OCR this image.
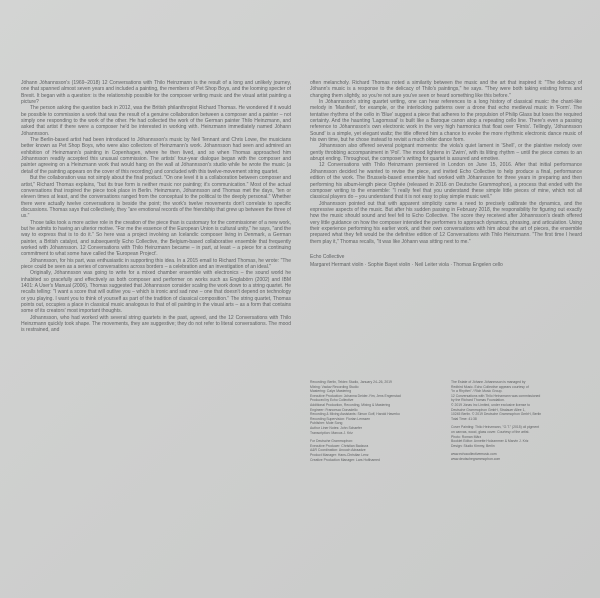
Jóhann Jóhannsson's (1969–2018) 12 Conversations with Thilo Heinzmann is the result of a long and unlikely journey, one that spanned almost seven years and included a painting, the members of Pet Shop Boys, and the looming specter of Brexit. It began with a question: is the relationship possible for the composer writing music and the visual artist painting a picture?

The person asking the question back in 2012, was the British philanthropist Richard Thomas. He wondered if it would be possible to commission a work that was the result of a genuine collaboration between a composer and a painter – not simply one responding to the work of the other. He had collected the work of the German painter Thilo Heinzmann, and asked that artist if there were a composer he'd be interested in working with. Heinzmann immediately named Jóhann Jóhannsson.

The Berlin-based artist had been introduced to Jóhannsson's music by Neil Tennant and Chris Lowe, the musicians better known as Pet Shop Boys, who were also collectors of Heinzmann's work. Jóhannsson had seen and admired an exhibition of Heinzmann's painting in Copenhagen, where he then lived, and so when Thomas approached him Jóhannsson readily accepted this unusual commission. The artists' four-year dialogue began with the composer and painter agreeing on a Heinzmann work that would hang on the wall at Jóhannsson's studio while he wrote the music (a detail of the painting appears on the cover of this recording) and concluded with this twelve-movement string quartet.

But the collaboration was not simply about the final product. "On one level it is a collaboration between composer and artist," Richard Thomas explains, "but its true form is neither music nor painting; it's communication." Most of the actual conversations that inspired the piece took place in Berlin. Heinzmann, Jóhannsson and Thomas met the days, "ten or eleven times at least, and the conversations ranged from the conceptual to the political to the deeply personal." Whether there were actually twelve conversations is beside the point; the work's twelve movements don't correlate to specific discussions. Thomas says that collectively, they "are emotional records of the friendship that grew up between the three of us."

Those talks took a more active role in the creation of the piece than is customary for the commissioner of a new work, but he admits to having an ulterior motive. "For me the essence of the European Union is cultural unity," he says, "and the way to express that is to do it." So here was a project involving an Icelandic composer living in Denmark, a German painter, a British catalyst, and subsequently Echo Collective, the Belgium-based collaborative ensemble that frequently worked with Jóhannsson. 12 Conversations with Thilo Heinzmann became – in part, at least – a piece for a continuing commitment to what some have called the 'European Project'.

Jóhannsson, for his part, was enthusiastic in supporting this idea. In a 2015 email to Richard Thomas, he wrote: "The piece could be seen as a series of conversations across borders – a celebration and an investigation of an ideal."

Originally, Jóhannsson was going to write for a mixed chamber ensemble with electronics – the sound world he inhabited so gracefully and effectively as both composer and performer on works such as Englabörn (2002) and IBM 1401: A User's Manual (2006). Thomas suggested that Jóhannsson consider scaling the work down to a string quartet. He recalls telling: "I want a score that will outlive you – which is ironic and sad now – one that doesn't depend on technology or you playing. I want you to think of yourself as part of the tradition of classical composition." The string quartet, Thomas points out, occupies a place in classical music analogous to that of oil painting in the visual arts – as a form that contains some of its creators' most important thoughts.

Jóhannsson, who had worked with several string quartets in the past, agreed, and the 12 Conversations with Thilo Heinzmann quickly took shape. The movements, they are suggestive; they do not refer to literal conversations. The mood is restrained, and

often melancholy. Richard Thomas noted a similarity between the music and the art that inspired it: "The delicacy of Jóhann's music is a response to the delicacy of Thilo's paintings," he says. "They were both taking existing forms and changing them slightly, so you're not sure you've seen or heard something like this before."

In Jóhannsson's string quartet writing, one can hear references to a long history of classical music: the chant-like melody in 'Manifest', for example, or the interlocking patterns over a drone that echo medieval music in 'Form'. The tentative rhythms of the cello in 'Blue' suggest a piece that adheres to the propulsion of Philip Glass but loses the required certainty. And the haunting 'Lagomssal' is built like a Baroque canon atop a repeating cello line. There's even a passing reference to Jóhannsson's own electronic work in the very high harmonics that float over 'Firnis'. Tellingly, 'Jóhannsson Sound' is a simple, yet elegant waltz; the title offered him a chance to evoke the more rhythmic electronic dance music of his own time, but he chose instead to revisit a much older dance form.

Jóhannsson also offered several poignant moments: the viola's quiet lament in 'Shell', or the plaintive melody over gently throbbing accompaniment in 'Pol'. The mood lightens in 'Zwirn', with its lilting rhythm – until the piece comes to an abrupt ending. Throughout, the composer's writing for quartet is assured and emotive.

12 Conversations with Thilo Heinzmann premiered in London on June 15, 2016. After that initial performance Jóhannsson decided he wanted to revise the piece, and invited Echo Collective to help produce a final, performance edition of the work. The Brussels-based ensemble had worked with Jóhannsson for three years in preparing and then performing his album-length piece Orphée (released in 2016 on Deutsche Grammophon), a process that ended with the composer writing to the ensemble: "I really feel that you understand these simple little pieces of mine, which not all classical players do – you understand that it is not easy to play simple music well."

Jóhannsson pointed out that with apparent simplicity came a need to precisely calibrate the dynamics, and the expressive aspects of the music. But after his sudden passing in February 2018, the responsibility for figuring out exactly how the music should sound and feel fell to Echo Collective. The score they received after Jóhannsson's death offered very little guidance on how the composer intended the performers to approach dynamics, phrasing, and articulation. Using their experience performing his earlier work, and their own conversations with him about the art of pieces, the ensemble prepared what they felt would be the definitive edition of 12 Conversations with Thilo Heinzmann. "The first time I heard them play it," Thomas recalls, "it was like Jóhann was sitting next to me."

Echo Collective
Margaret Hermant violin · Sophie Bayet violin · Neil Leiter viola · Thomas Engelen cello
Recording: Berlin, Teldex Studio, January 24–26, 2019
Mixing: Vaclav Recording Studio
Mastering: Calyx Mastering
Executive Production: Johanna Deider-Yim, Jens Engenstad
Produced by Echo Collective
Additional Production, Recording, Mixing & Mastering
Engineer: Francesco Donadello
Recording & Mixing Assistants: Simon Goff, Harold Haverko
Recording Supervision: Florian Lenssen
Publisher: Mute Song
Author Liner Notes: John Schaefer
Transcription: Marcus J. Kriz
For Deutsche Grammophon:
Executive Producer: Christian Badzura
A&R Coordination: Anouch Adraadze
Product Manager: Hans-Christian Lenz
Creative Production Manager: Lars Holthamed
The Estate of Jóhann Jóhannsson is managed by
Redbird Music. Echo Collective appears courtesy of
"In a Rhythm" / Rich Music Group.
12 Conversations with Thilo Heinzmann was commissioned
by the Richard Thomas Foundation.
© 2019 Jónas Inc Limited, under exclusive license to
Deutsche Grammophon GmbH, Stralauer Allee 1,
10245 Berlin. © 2019 Deutsche Grammophon GmbH, Berlin
Total Time: 41:38
Cover Painting: Thilo Heinzmann, "O.T." (2015) oil pigment
on canvas, wood, glass cover. Courtesy of the artist.
Photo: Roman März
Booklet Editor: Annette Holzammer & Marvin J. Kriz
Design: Studio Kimmy, Berlin
www.echocollectivemusic.com
www.deutschegrammophon.com
